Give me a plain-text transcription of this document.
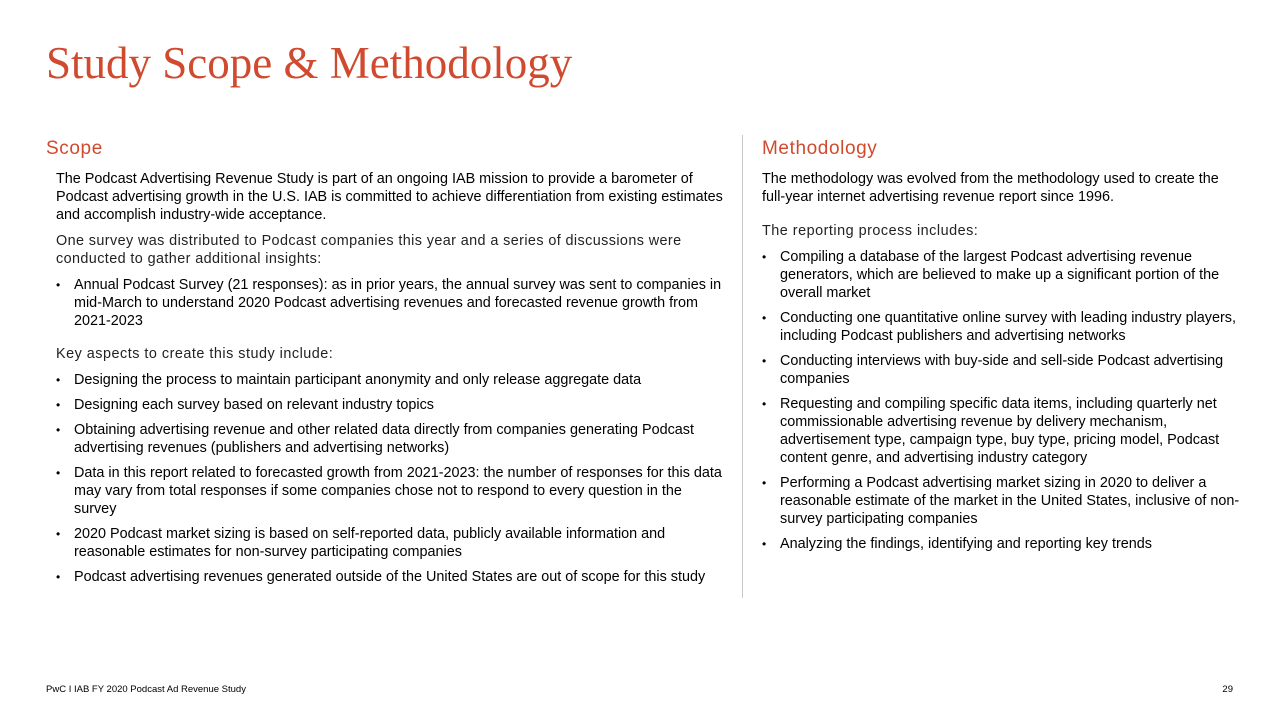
Study Scope & Methodology
Scope

The Podcast Advertising Revenue Study is part of an ongoing IAB mission to provide a barometer of Podcast advertising growth in the U.S. IAB is committed to achieve differentiation from existing estimates and accomplish industry-wide acceptance.

One survey was distributed to Podcast companies this year and a series of discussions were conducted to gather additional insights:

• Annual Podcast Survey (21 responses): as in prior years, the annual survey was sent to companies in mid-March to understand 2020 Podcast advertising revenues and forecasted revenue growth from 2021-2023

Key aspects to create this study include:

• Designing the process to maintain participant anonymity and only release aggregate data
• Designing each survey based on relevant industry topics
• Obtaining advertising revenue and other related data directly from companies generating Podcast advertising revenues (publishers and advertising networks)
• Data in this report related to forecasted growth from 2021-2023: the number of responses for this data may vary from total responses if some companies chose not to respond to every question in the survey
• 2020 Podcast market sizing is based on self-reported data, publicly available information and reasonable estimates for non-survey participating companies
• Podcast advertising revenues generated outside of the United States are out of scope for this study
Methodology

The methodology was evolved from the methodology used to create the full-year internet advertising revenue report since 1996.

The reporting process includes:

• Compiling a database of the largest Podcast advertising revenue generators, which are believed to make up a significant portion of the overall market
• Conducting one quantitative online survey with leading industry players, including Podcast publishers and advertising networks
• Conducting interviews with buy-side and sell-side Podcast advertising companies
• Requesting and compiling specific data items, including quarterly net commissionable advertising revenue by delivery mechanism, advertisement type, campaign type, buy type, pricing model, Podcast content genre, and advertising industry category
• Performing a Podcast advertising market sizing in 2020 to deliver a reasonable estimate of the market in the United States, inclusive of non-survey participating companies
• Analyzing the findings, identifying and reporting key trends
PwC I IAB FY 2020 Podcast Ad Revenue Study	29
